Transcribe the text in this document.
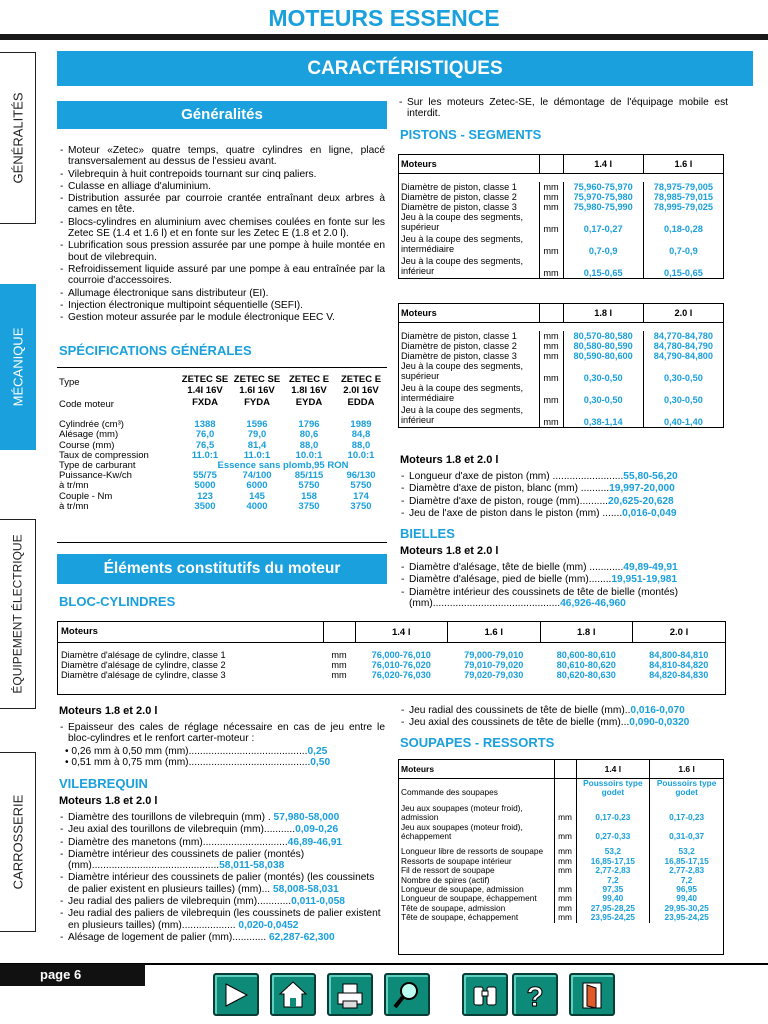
MOTEURS ESSENCE
CARACTÉRISTIQUES
GÉNÉRALITÉS
MÉCANIQUE
ÉQUIPEMENT ÉLECTRIQUE
CARROSSERIE
Généralités
- Moteur «Zetec» quatre temps, quatre cylindres en ligne, placé transversalement au dessus de l'essieu avant.
- Vilebrequin à huit contrepoids tournant sur cinq paliers.
- Culasse en alliage d'aluminium.
- Distribution assurée par courroie crantée entraînant deux arbres à cames en tête.
- Blocs-cylindres en aluminium avec chemises coulées en fonte sur les Zetec SE (1.4 et 1.6 l) et en fonte sur les Zetec E (1.8 et 2.0 l).
- Lubrification sous pression assurée par une pompe à huile montée en bout de vilebrequin.
- Refroidissement liquide assuré par une pompe à eau entraînée par la courroie d'accessoires.
- Allumage électronique sans distributeur (EI).
- Injection électronique multipoint séquentielle (SEFI).
- Gestion moteur assurée par le module électronique EEC V.
SPÉCIFICATIONS GÉNÉRALES
Type	ZETEC SE 1.4I 16V	ZETEC SE 1.6I 16V	ZETEC E 1.8I 16V	ZETEC E 2.0I 16V
Code moteur	FXDA	FYDA	EYDA	EDDA
Cylindrée (cm³)	1388	1596	1796	1989
Alésage (mm)	76,0	79,0	80,6	84,8
Course (mm)	76,5	81,4	88,0	88,0
Taux de compression	11.0:1	11.0:1	10.0:1	10.0:1
Type de carburant	Essence sans plomb,95 RON			
Puissance-Kw/ch	55/75	74/100	85/115	96/130
à tr/mn	5000	6000	5750	5750
Couple - Nm	123	145	158	174
à tr/mn	3500	4000	3750	3750
Éléments constitutifs du moteur
BLOC-CYLINDRES
Moteurs		1.4 l	1.6 l	1.8 l	2.0 l

Diamètre d'alésage de cylindre, classe 1	mm	76,000-76,010	79,000-79,010	80,600-80,610	84,800-84,810
Diamètre d'alésage de cylindre, classe 2	mm	76,010-76,020	79,010-79,020	80,610-80,620	84,810-84,820
Diamètre d'alésage de cylindre, classe 3	mm	76,020-76,030	79,020-79,030	80,620-80,630	84,820-84,830
Moteurs 1.8 et 2.0 l
- Epaisseur des cales de réglage nécessaire en cas de jeu entre le bloc-cylindres et le renfort carter-moteur :
• 0,26 mm à 0,50 mm (mm)..........................................0,25
• 0,51 mm à 0,75 mm (mm)...........................................0,50
VILEBREQUIN
Moteurs 1.8 et 2.0 l
- Diamètre des tourillons de vilebrequin (mm) . 57,980-58,000
- Jeu axial des tourillons de vilebrequin (mm)...........0,09-0,26
- Diamètre des manetons (mm)..............................46,89-46,91
- Diamètre intérieur des coussinets de palier (montés) (mm).............................................58,011-58,038
- Diamètre intérieur des coussinets de palier (montés) (les coussinets de palier existent en plusieurs tailles) (mm)... 58,008-58,031
- Jeu radial des paliers de vilebrequin (mm)............0,011-0,058
- Jeu radial des paliers de vilebrequin (les coussinets de palier existent en plusieurs tailles) (mm)................... 0,020-0,0452
- Alésage de logement de palier (mm)............ 62,287-62,300
- Sur les moteurs Zetec-SE, le démontage de l'équipage mobile est interdit.
PISTONS - SEGMENTS
Moteurs		1.4 l	1.6 l

Diamètre de piston, classe 1	mm	75,960-75,970	78,975-79,005
Diamètre de piston, classe 2	mm	75,970-75,980	78,985-79,015
Diamètre de piston, classe 3	mm	75,980-75,990	78,995-79,025
Jeu à la coupe des segments, supérieur	mm	0,17-0,27	0,18-0,28
Jeu à la coupe des segments, intermédiaire	mm	0,7-0,9	0,7-0,9
Jeu à la coupe des segments, inférieur	mm	0,15-0,65	0,15-0,65
Moteurs		1.8 l	2.0 l

Diamètre de piston, classe 1	mm	80,570-80,580	84,770-84,780
Diamètre de piston, classe 2	mm	80,580-80,590	84,780-84,790
Diamètre de piston, classe 3	mm	80,590-80,600	84,790-84,800
Jeu à la coupe des segments, supérieur	mm	0,30-0,50	0,30-0,50
Jeu à la coupe des segments, intermédiaire	mm	0,30-0,50	0,30-0,50
Jeu à la coupe des segments, inférieur	mm	0,38-1,14	0,40-1,40
Moteurs 1.8 et 2.0 l
- Longueur d'axe de piston (mm) .........................55,80-56,20
- Diamètre d'axe de piston, blanc (mm) ..........19,997-20,000
- Diamètre d'axe de piston, rouge (mm)..........20,625-20,628
- Jeu de l'axe de piston dans le piston (mm) .......0,016-0,049
BIELLES
Moteurs 1.8 et 2.0 l
- Diamètre d'alésage, tête de bielle (mm) ............49,89-49,91
- Diamètre d'alésage, pied de bielle (mm)........19,951-19,981
- Diamètre intérieur des coussinets de tête de bielle (montés) (mm).............................................46,926-46,960
- Jeu radial des coussinets de tête de bielle (mm)..0,016-0,070
- Jeu axial des coussinets de tête de bielle (mm)...0,090-0,0320
SOUPAPES - RESSORTS
Moteurs		1.4 l	1.6 l
Commande des soupapes		Poussoirs type godet	Poussoirs type godet
Jeu aux soupapes (moteur froid), admission	mm	0,17-0,23	0,17-0,23
Jeu aux soupapes (moteur froid), échappement	mm	0,27-0,33	0,31-0,37
Longueur libre de ressorts de soupape	mm	53,2	53,2
Ressorts de soupape intérieur	mm	16,85-17,15	16,85-17,15
Fil de ressort de soupape	mm	2,77-2,83	2,77-2,83
Nombre de spires (actif)		7,2	7,2
Longueur de soupape, admission	mm	97,35	96,95
Longueur de soupape, échappement	mm	99,40	99,40
Tête de soupape, admission	mm	27,95-28,25	29,95-30,25
Tête de soupape, échappement	mm	23,95-24,25	23,95-24,25
page 6
?
